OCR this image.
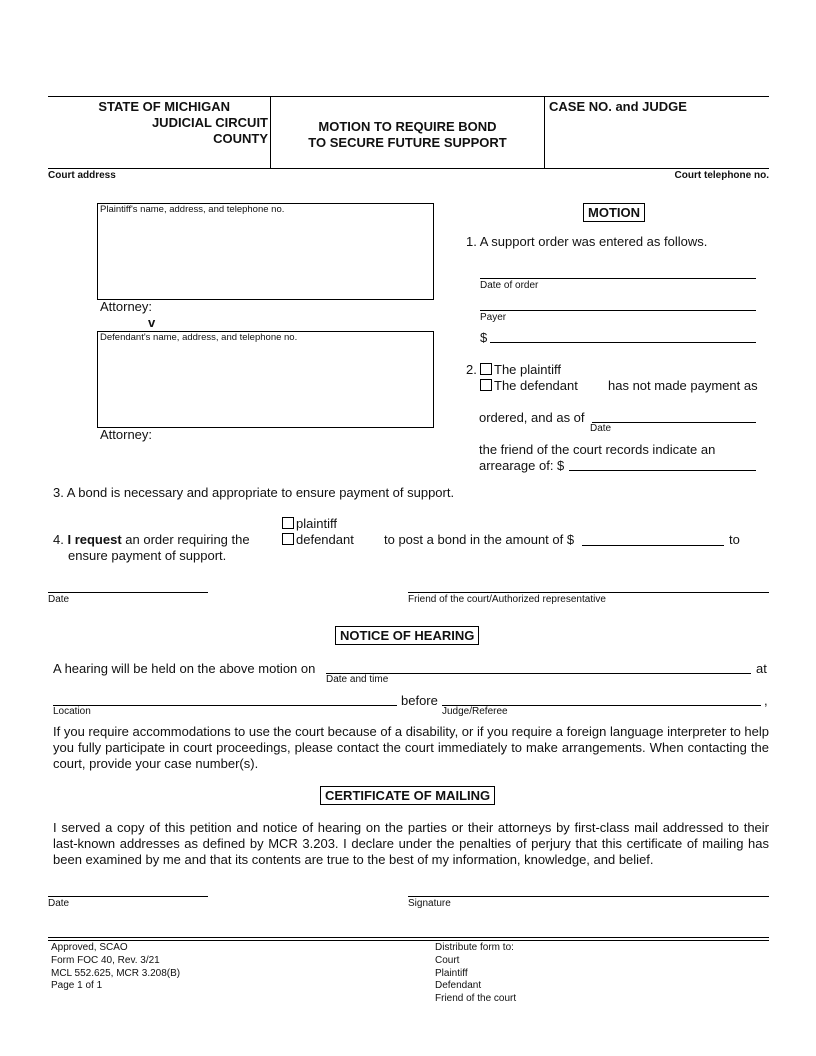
STATE OF MICHIGAN
JUDICIAL CIRCUIT
COUNTY
MOTION TO REQUIRE BOND
TO SECURE FUTURE SUPPORT
CASE NO. and JUDGE
Court address	Court telephone no.
Plaintiff's name, address, and telephone no.
Attorney:
v
Defendant's name, address, and telephone no.
Attorney:
MOTION
1. A support order was entered as follows.
Date of order
Payer
$
2.	The plaintiff
The defendant has not made payment as
ordered, and as of
Date
the friend of the court records indicate an
arrearage of: $
3. A bond is necessary and appropriate to ensure payment of support.
plaintiff
defendant
4. I request an order requiring the	to post a bond in the amount of $	to
ensure payment of support.
Date	Friend of the court/Authorized representative
NOTICE OF HEARING
A hearing will be held on the above motion on	at
Date and time
before	,
Location	Judge/Referee
If you require accommodations to use the court because of a disability, or if you require a foreign language interpreter to help you fully participate in court proceedings, please contact the court immediately to make arrangements. When contacting the court, provide your case number(s).
CERTIFICATE OF MAILING
I served a copy of this petition and notice of hearing on the parties or their attorneys by first-class mail addressed to their last-known addresses as defined by MCR 3.203. I declare under the penalties of perjury that this certificate of mailing has been examined by me and that its contents are true to the best of my information, knowledge, and belief.
Date	Signature
Approved, SCAO
Form FOC 40, Rev. 3/21
MCL 552.625, MCR 3.208(B)
Page 1 of 1
Distribute form to:
Court
Plaintiff
Defendant
Friend of the court
